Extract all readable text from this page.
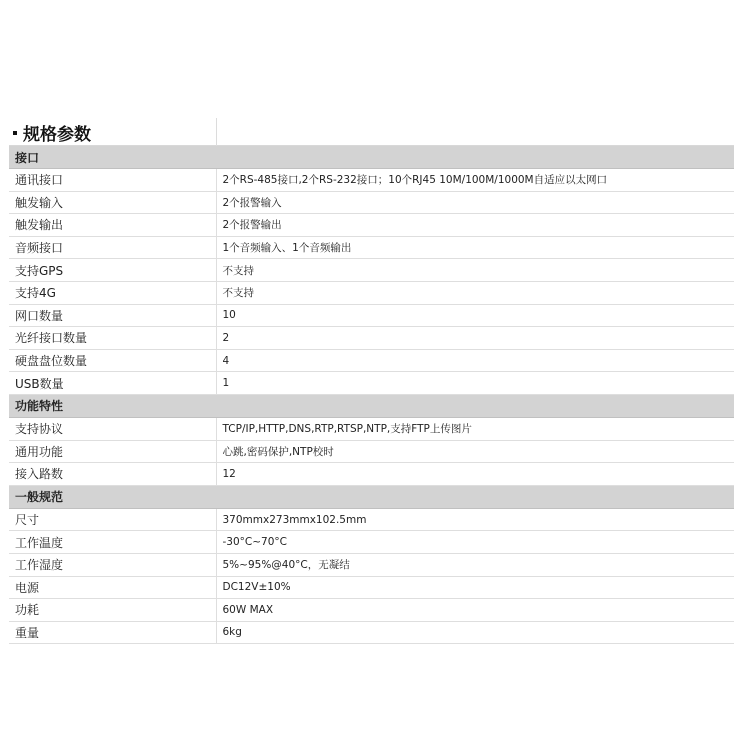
规格参数
接口	
通讯接口	2个RS-485接口,2个RS-232接口；10个RJ45 10M/100M/1000M自适应以太网口
触发输入	2个报警输入
触发输出	2个报警输出
音频接口	1个音频输入、1个音频输出
支持GPS	不支持
支持4G	不支持
网口数量	10
光纤接口数量	2
硬盘盘位数量	4
USB数量	1
功能特性	
支持协议	TCP/IP,HTTP,DNS,RTP,RTSP,NTP,支持FTP上传图片
通用功能	心跳,密码保护,NTP校时
接入路数	12
一般规范	
尺寸	370mmx273mmx102.5mm
工作温度	-30°C~70°C
工作湿度	5%~95%@40°C，无凝结
电源	DC12V±10%
功耗	60W MAX
重量	6kg
